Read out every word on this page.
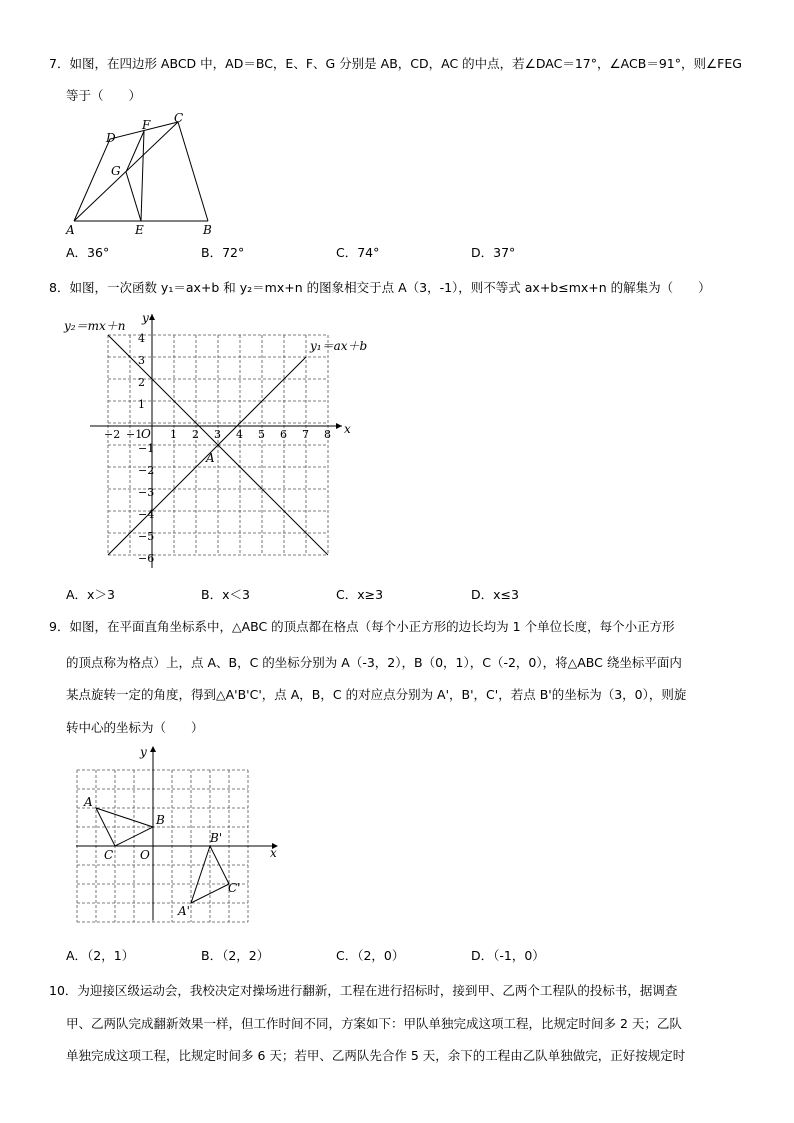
7．如图，在四边形 ABCD 中，AD＝BC，E、F、G 分别是 AB，CD，AC 的中点，若∠DAC＝17°，∠ACB＝91°，则∠FEG
等于（　　）
A	B
C
D
E
F
G
A．36°	B．72°	C．74°	D．37°
8．如图，一次函数 y₁＝ax+b 和 y₂＝mx+n 的图象相交于点 A（3，-1），则不等式 ax+b≤mx+n 的解集为（　　）
y₂＝mx＋n
y₁＝ax＋b
x
y
O
A
−2 −1	1 2 3 4 5 6 7 8
4
3
2
1
−1
−2
−3
−4
−5
−6
A．x＞3	B．x＜3	C．x≥3	D．x≤3
9．如图，在平面直角坐标系中，△ABC 的顶点都在格点（每个小正方形的边长均为 1 个单位长度，每个小正方形
的顶点称为格点）上，点 A、B，C 的坐标分别为 A（-3，2），B（0，1），C（-2，0），将△ABC 绕坐标平面内
某点旋转一定的角度，得到△A'B'C'，点 A，B，C 的对应点分别为 A'，B'，C'，若点 B'的坐标为（3，0），则旋
转中心的坐标为（　　）
x
y
O
A
B
C
A'
B'
C'
A．（2，1）	B．（2，2）	C．（2，0）	D．（-1，0）
10．为迎接区级运动会，我校决定对操场进行翻新，工程在进行招标时，接到甲、乙两个工程队的投标书，据调查
甲、乙两队完成翻新效果一样，但工作时间不同，方案如下：甲队单独完成这项工程，比规定时间多 2 天；乙队
单独完成这项工程，比规定时间多 6 天；若甲、乙两队先合作 5 天，余下的工程由乙队单独做完，正好按规定时
